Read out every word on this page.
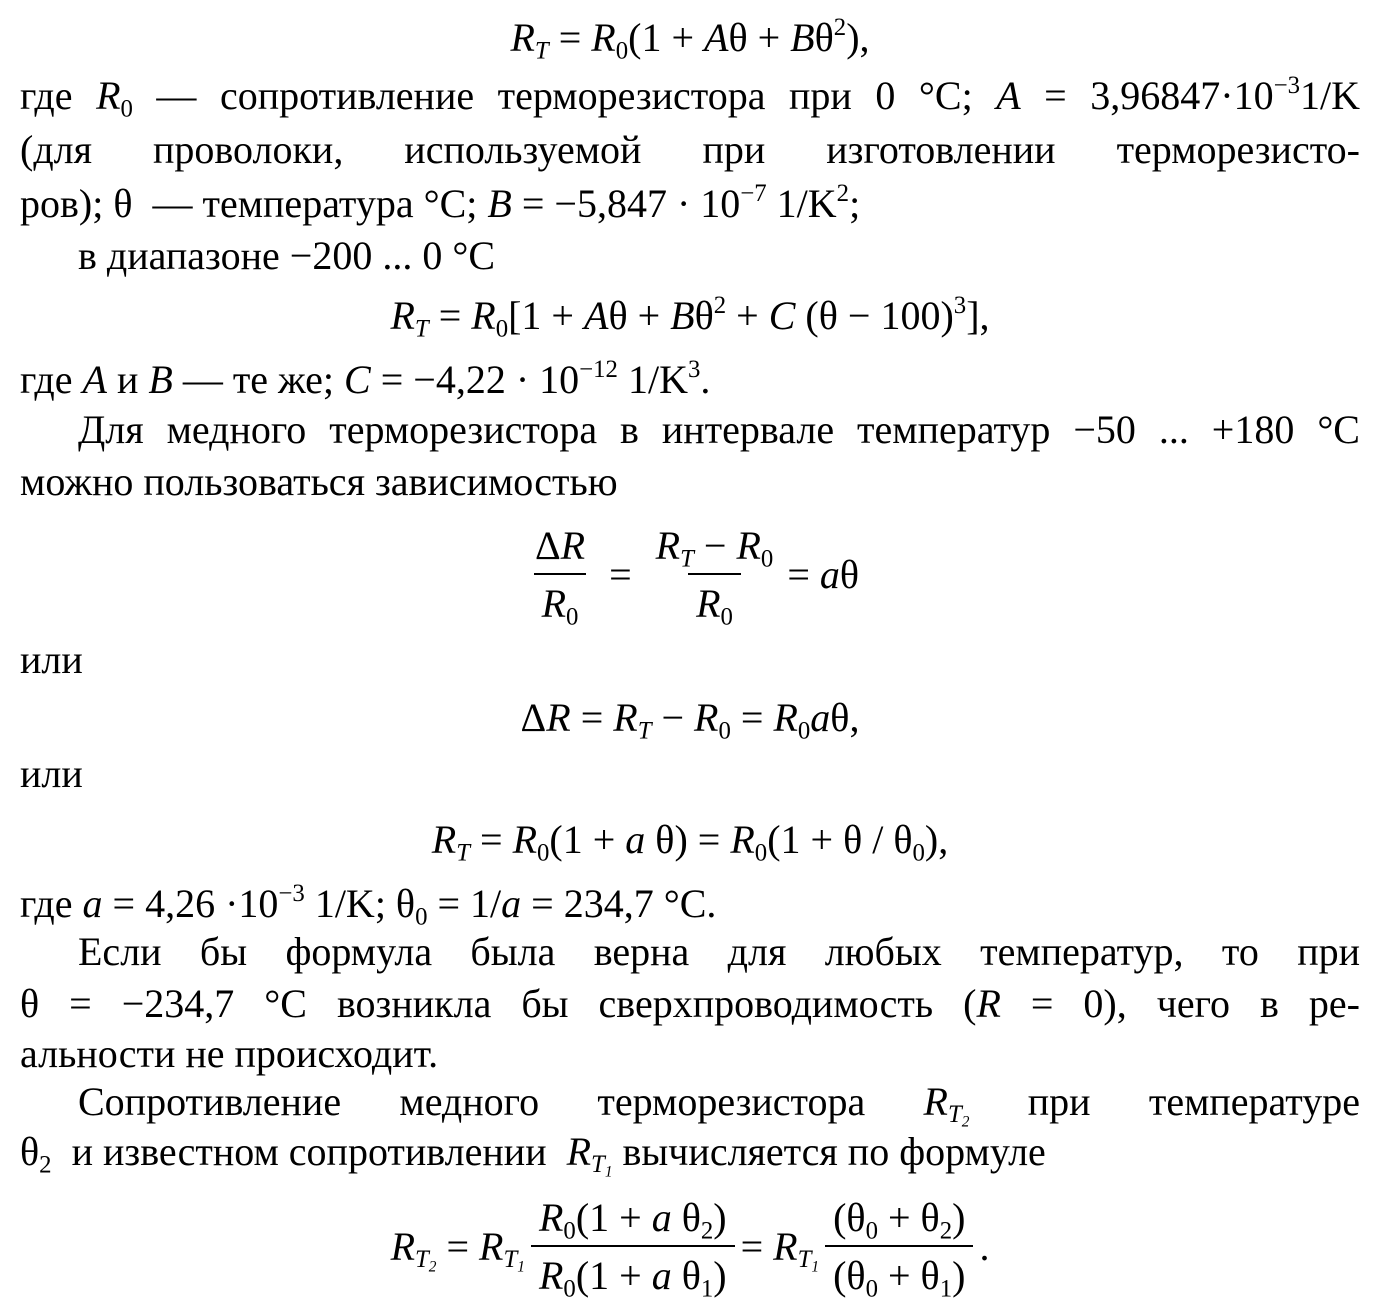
$R_T = R_0(1 + A\theta + B\theta^2)$,
где $R_0$ — сопротивление терморезистора при 0 °С; $A = 3,96847\cdot 10^{-3}1/K$
(для проволоки, используемой при изготовлении терморезисто-
ров); θ  — температура °С; $B = -5,847 \cdot 10^{-7}$ $1/K^2$;
в диапазоне −200 ... 0 °С
$R_T = R_0[1 + A\theta + B\theta^2 + C$ $(\theta - 100)^3$],
где A и B — те же; $C = -4,22 \cdot 10^{-12}$ $1/K^3$.
Для медного терморезистора в интервале температур −50 ... +180 °С
можно пользоваться зависимостью
$\frac{\Delta R}{R_0} = \frac{R_T - R_0}{R_0} = a\theta$
или
$\Delta R = R_T - R_0 = R_0a\theta$,
или
$R_T = R_0(1 + a$ $\theta) = R_0(1 + \theta / \theta_0)$,
где $a = 4,26 \cdot 10^{-3}$ 1/K; $\theta_0 = 1/a = 234,7$ °С.
Если бы формула была верна для любых температур, то при
θ = −234,7 °С возникла бы сверхпроводимость (R = 0), чего в ре-
альности не происходит.
Сопротивление медного терморезистора $R_{T_2}$ при температуре
$\theta_2$  и известном сопротивлении  $R_{T_1}$ вычисляется по формуле
$R_{T_2} = R_{T_1} \frac{R_0(1 + a \theta_2)}{R_0(1 + a \theta_1)} = R_{T_1} \frac{(\theta_0 + \theta_2)}{(\theta_0 + \theta_1)}$ .
